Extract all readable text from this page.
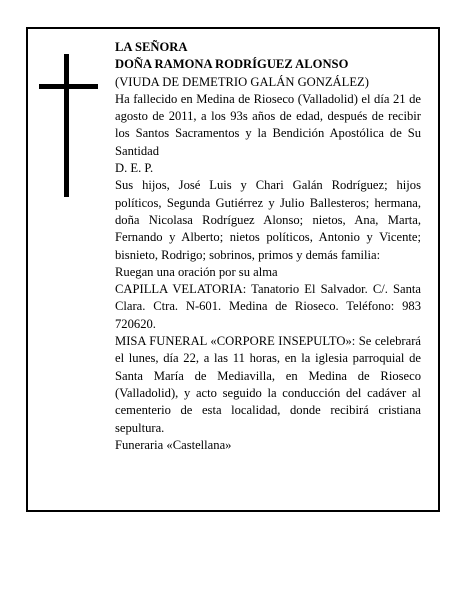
LA SEÑORA
DOÑA RAMONA RODRÍGUEZ ALONSO
(VIUDA DE DEMETRIO GALÁN GONZÁLEZ)
Ha fallecido en Medina de Rioseco (Valladolid) el día 21 de agosto de 2011, a los 93s años de edad, después de recibir los Santos Sacramentos y la Bendición Apostólica de Su Santidad
D. E. P.
Sus hijos, José Luis y Chari Galán Rodríguez; hijos políticos, Segunda Gutiérrez y Julio Ballesteros; hermana, doña Nicolasa Rodríguez Alonso; nietos, Ana, Marta, Fernando y Alberto; nietos políticos, Antonio y Vicente; bisnieto, Rodrigo; sobrinos, primos y demás familia:
Ruegan una oración por su alma
CAPILLA VELATORIA: Tanatorio El Salvador. C/. Santa Clara. Ctra. N-601. Medina de Rioseco. Teléfono: 983 720620.
MISA FUNERAL «CORPORE INSEPULTO»: Se celebrará el lunes, día 22, a las 11 horas, en la iglesia parroquial de Santa María de Mediavilla, en Medina de Rioseco (Valladolid), y acto seguido la conducción del cadáver al cementerio de esta localidad, donde recibirá cristiana sepultura.
Funeraria «Castellana»
